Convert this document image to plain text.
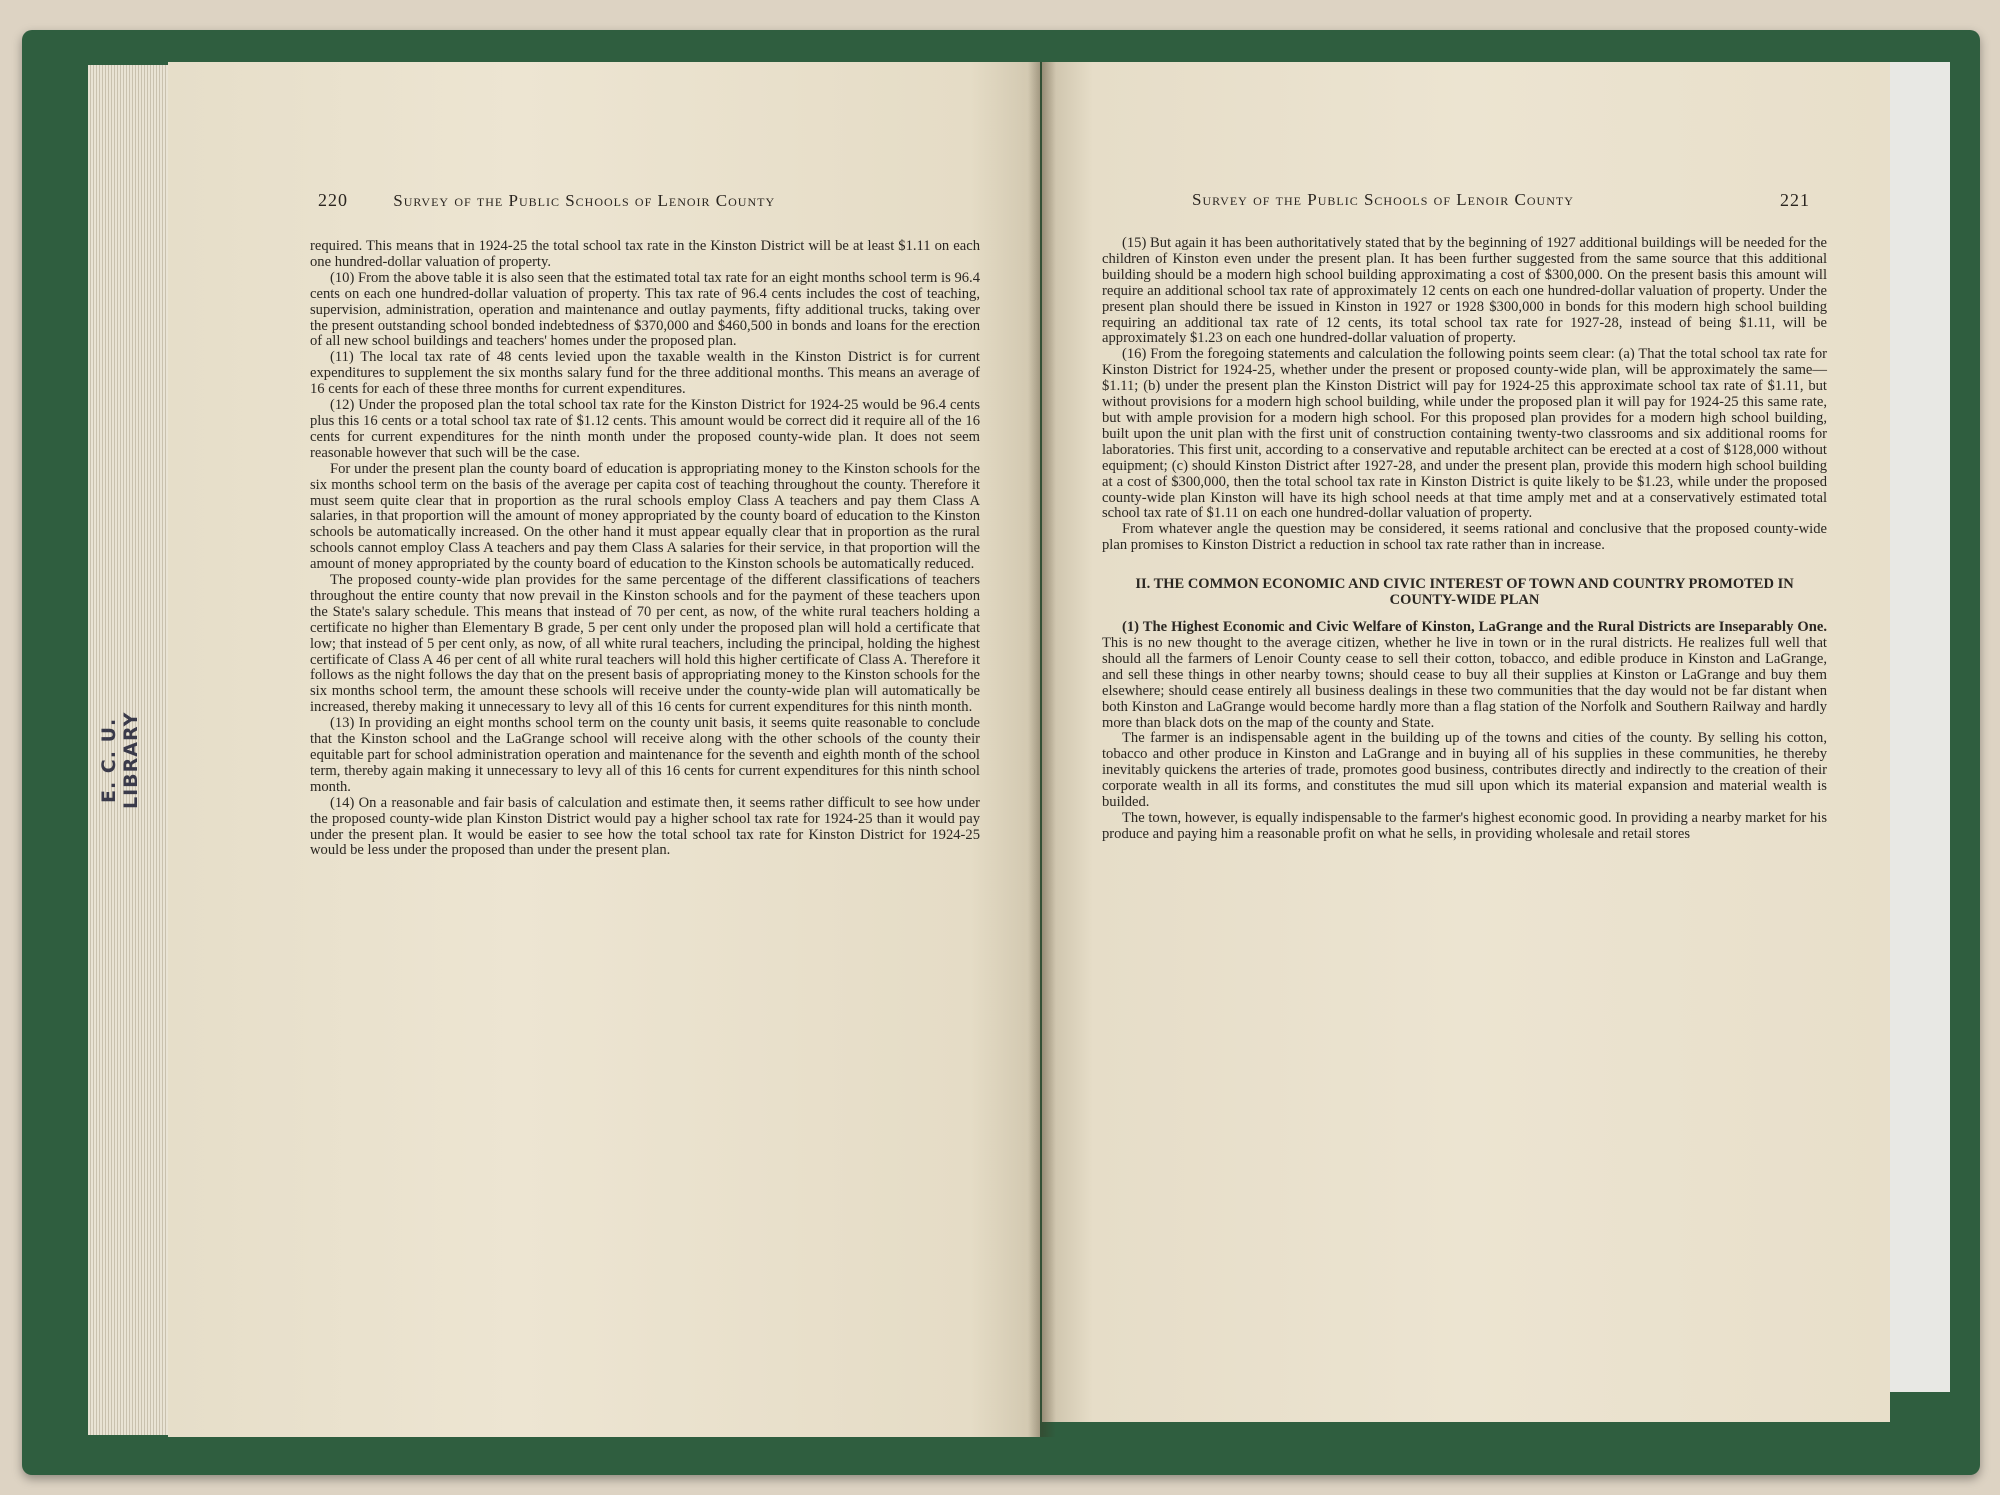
E. C. U. LIBRARY
220	Survey of the Public Schools of Lenoir County

required. This means that in 1924-25 the total school tax rate in the Kinston District will be at least $1.11 on each one hundred-dollar valuation of property.

(10) From the above table it is also seen that the estimated total tax rate for an eight months school term is 96.4 cents on each one hundred-dollar valuation of property. This tax rate of 96.4 cents includes the cost of teaching, supervision, administration, operation and maintenance and outlay payments, fifty additional trucks, taking over the present outstanding school bonded indebtedness of $370,000 and $460,500 in bonds and loans for the erection of all new school buildings and teachers' homes under the proposed plan.

(11) The local tax rate of 48 cents levied upon the taxable wealth in the Kinston District is for current expenditures to supplement the six months salary fund for the three additional months. This means an average of 16 cents for each of these three months for current expenditures.

(12) Under the proposed plan the total school tax rate for the Kinston District for 1924-25 would be 96.4 cents plus this 16 cents or a total school tax rate of $1.12 cents. This amount would be correct did it require all of the 16 cents for current expenditures for the ninth month under the proposed county-wide plan. It does not seem reasonable however that such will be the case.

For under the present plan the county board of education is appropriating money to the Kinston schools for the six months school term on the basis of the average per capita cost of teaching throughout the county. Therefore it must seem quite clear that in proportion as the rural schools employ Class A teachers and pay them Class A salaries, in that proportion will the amount of money appropriated by the county board of education to the Kinston schools be automatically increased. On the other hand it must appear equally clear that in proportion as the rural schools cannot employ Class A teachers and pay them Class A salaries for their service, in that proportion will the amount of money appropriated by the county board of education to the Kinston schools be automatically reduced.

The proposed county-wide plan provides for the same percentage of the different classifications of teachers throughout the entire county that now prevail in the Kinston schools and for the payment of these teachers upon the State's salary schedule. This means that instead of 70 per cent, as now, of the white rural teachers holding a certificate no higher than Elementary B grade, 5 per cent only under the proposed plan will hold a certificate that low; that instead of 5 per cent only, as now, of all white rural teachers, including the principal, holding the highest certificate of Class A 46 per cent of all white rural teachers will hold this higher certificate of Class A. Therefore it follows as the night follows the day that on the present basis of appropriating money to the Kinston schools for the six months school term, the amount these schools will receive under the county-wide plan will automatically be increased, thereby making it unnecessary to levy all of this 16 cents for current expenditures for this ninth month.

(13) In providing an eight months school term on the county unit basis, it seems quite reasonable to conclude that the Kinston school and the LaGrange school will receive along with the other schools of the county their equitable part for school administration operation and maintenance for the seventh and eighth month of the school term, thereby again making it unnecessary to levy all of this 16 cents for current expenditures for this ninth school month.

(14) On a reasonable and fair basis of calculation and estimate then, it seems rather difficult to see how under the proposed county-wide plan Kinston District would pay a higher school tax rate for 1924-25 than it would pay under the present plan. It would be easier to see how the total school tax rate for Kinston District for 1924-25 would be less under the proposed than under the present plan.

Survey of the Public Schools of Lenoir County	221

(15) But again it has been authoritatively stated that by the beginning of 1927 additional buildings will be needed for the children of Kinston even under the present plan. It has been further suggested from the same source that this additional building should be a modern high school building approximating a cost of $300,000. On the present basis this amount will require an additional school tax rate of approximately 12 cents on each one hundred-dollar valuation of property. Under the present plan should there be issued in Kinston in 1927 or 1928 $300,000 in bonds for this modern high school building requiring an additional tax rate of 12 cents, its total school tax rate for 1927-28, instead of being $1.11, will be approximately $1.23 on each one hundred-dollar valuation of property.

(16) From the foregoing statements and calculation the following points seem clear: (a) That the total school tax rate for Kinston District for 1924-25, whether under the present or proposed county-wide plan, will be approximately the same—$1.11; (b) under the present plan the Kinston District will pay for 1924-25 this approximate school tax rate of $1.11, but without provisions for a modern high school building, while under the proposed plan it will pay for 1924-25 this same rate, but with ample provision for a modern high school. For this proposed plan provides for a modern high school building, built upon the unit plan with the first unit of construction containing twenty-two classrooms and six additional rooms for laboratories. This first unit, according to a conservative and reputable architect can be erected at a cost of $128,000 without equipment; (c) should Kinston District after 1927-28, and under the present plan, provide this modern high school building at a cost of $300,000, then the total school tax rate in Kinston District is quite likely to be $1.23, while under the proposed county-wide plan Kinston will have its high school needs at that time amply met and at a conservatively estimated total school tax rate of $1.11 on each one hundred-dollar valuation of property.

From whatever angle the question may be considered, it seems rational and conclusive that the proposed county-wide plan promises to Kinston District a reduction in school tax rate rather than in increase.

II. THE COMMON ECONOMIC AND CIVIC INTEREST OF TOWN AND COUNTRY PROMOTED IN COUNTY-WIDE PLAN

(1) The Highest Economic and Civic Welfare of Kinston, LaGrange and the Rural Districts are Inseparably One. This is no new thought to the average citizen, whether he live in town or in the rural districts. He realizes full well that should all the farmers of Lenoir County cease to sell their cotton, tobacco, and edible produce in Kinston and LaGrange, and sell these things in other nearby towns; should cease to buy all their supplies at Kinston or LaGrange and buy them elsewhere; should cease entirely all business dealings in these two communities that the day would not be far distant when both Kinston and LaGrange would become hardly more than a flag station of the Norfolk and Southern Railway and hardly more than black dots on the map of the county and State.

The farmer is an indispensable agent in the building up of the towns and cities of the county. By selling his cotton, tobacco and other produce in Kinston and LaGrange and in buying all of his supplies in these communities, he thereby inevitably quickens the arteries of trade, promotes good business, contributes directly and indirectly to the creation of their corporate wealth in all its forms, and constitutes the mud sill upon which its material expansion and material wealth is builded.

The town, however, is equally indispensable to the farmer's highest economic good. In providing a nearby market for his produce and paying him a reasonable profit on what he sells, in providing wholesale and retail stores
